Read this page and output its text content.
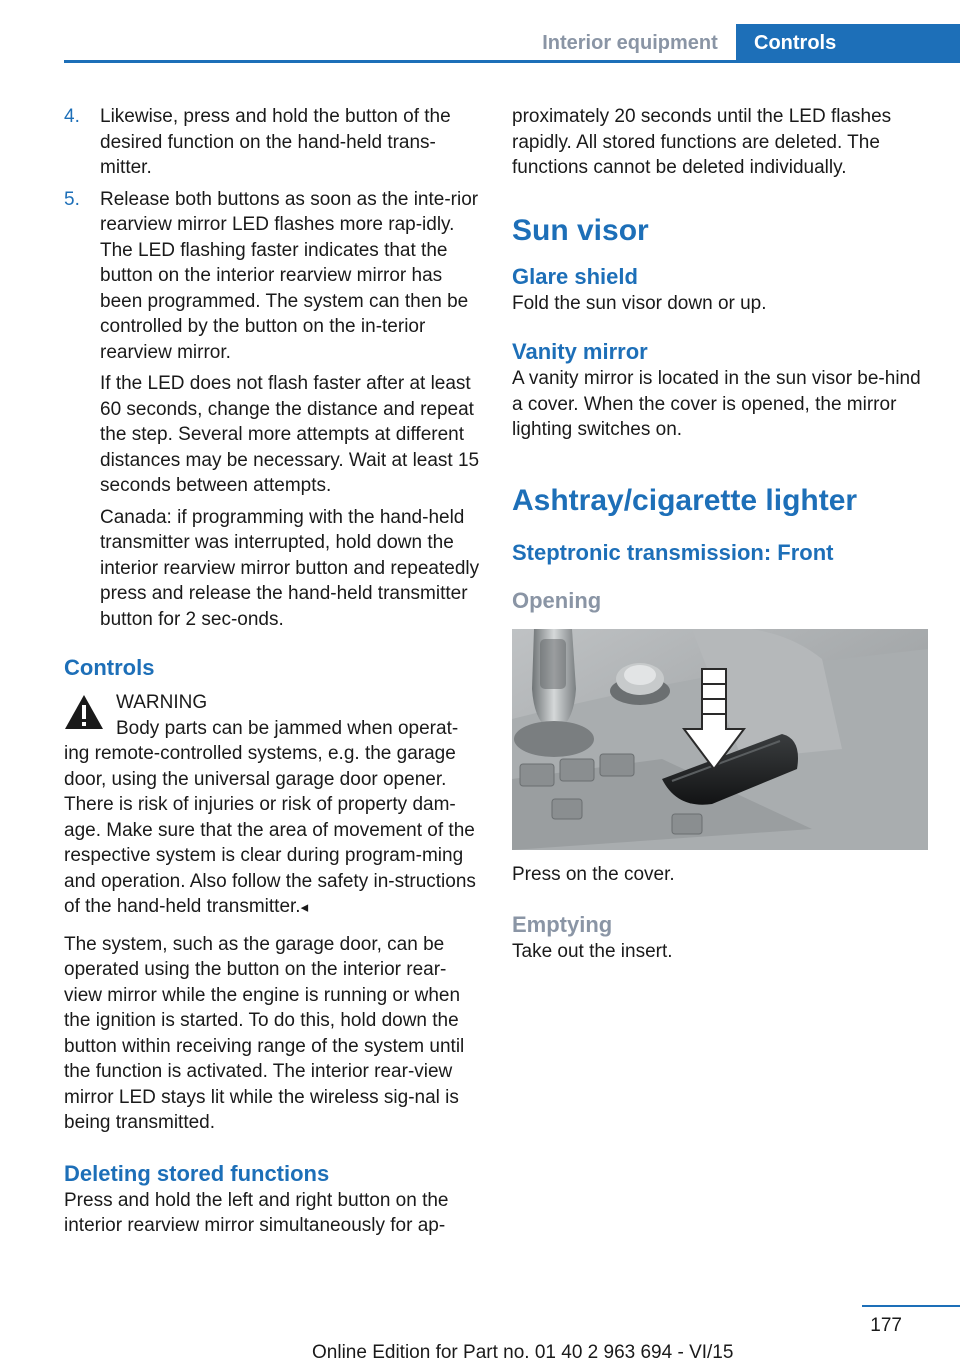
Interior equipment	Controls
4.	Likewise, press and hold the button of the desired function on the hand-held trans-mitter.

5.	Release both buttons as soon as the inte-rior rearview mirror LED flashes more rap-idly. The LED flashing faster indicates that the button on the interior rearview mirror has been programmed. The system can then be controlled by the button on the in-terior rearview mirror.

If the LED does not flash faster after at least 60 seconds, change the distance and repeat the step. Several more attempts at different distances may be necessary. Wait at least 15 seconds between attempts.

Canada: if programming with the hand-held transmitter was interrupted, hold down the interior rearview mirror button and repeatedly press and release the hand-held transmitter button for 2 sec-onds.

Controls

WARNING

Body parts can be jammed when operat-

ing remote-controlled systems, e.g. the garage door, using the universal garage door opener. There is risk of injuries or risk of property dam-age. Make sure that the area of movement of the respective system is clear during program-ming and operation. Also follow the safety in-structions of the hand-held transmitter.◂

The system, such as the garage door, can be operated using the button on the interior rear-view mirror while the engine is running or when the ignition is started. To do this, hold down the button within receiving range of the system until the function is activated. The interior rear-view mirror LED stays lit while the wireless sig-nal is being transmitted.

Deleting stored functions

Press and hold the left and right button on the interior rearview mirror simultaneously for ap-

proximately 20 seconds until the LED flashes rapidly. All stored functions are deleted. The functions cannot be deleted individually.

Sun visor
Glare shield

Fold the sun visor down or up.

Vanity mirror

A vanity mirror is located in the sun visor be-hind a cover. When the cover is opened, the mirror lighting switches on.

Ashtray/cigarette lighter
Steptronic transmission: Front
Opening

Press on the cover.

Emptying

Take out the insert.

177
Online Edition for Part no. 01 40 2 963 694 - VI/15
